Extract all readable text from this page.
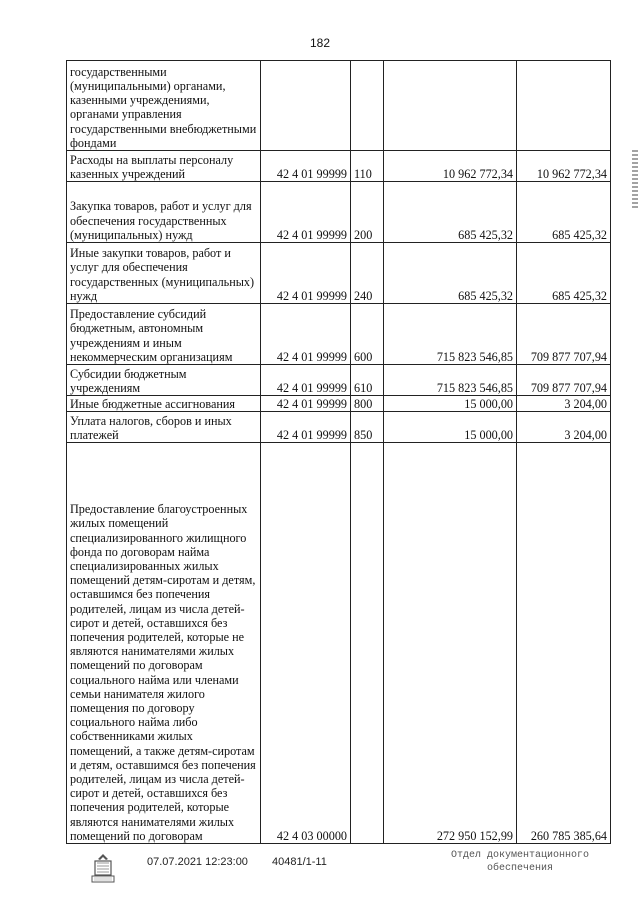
182
государственными (муниципальными) органами, казенными учреждениями, органами управления государственными внебюджетными фондами				
Расходы на выплаты персоналу казенных учреждений	42 4 01 99999	110	10 962 772,34	10 962 772,34
Закупка товаров, работ и услуг для обеспечения государственных (муниципальных) нужд	42 4 01 99999	200	685 425,32	685 425,32
Иные закупки товаров, работ и услуг для обеспечения государственных (муниципальных) нужд	42 4 01 99999	240	685 425,32	685 425,32
Предоставление субсидий бюджетным, автономным учреждениям и иным некоммерческим организациям	42 4 01 99999	600	715 823 546,85	709 877 707,94
Субсидии бюджетным учреждениям	42 4 01 99999	610	715 823 546,85	709 877 707,94
Иные бюджетные ассигнования	42 4 01 99999	800	15 000,00	3 204,00
Уплата налогов, сборов и иных платежей	42 4 01 99999	850	15 000,00	3 204,00
Предоставление благоустроенных жилых помещений специализированного жилищного фонда по договорам найма специализированных жилых помещений детям-сиротам и детям, оставшимся без попечения родителей, лицам из числа детей-сирот и детей, оставшихся без попечения родителей, которые не являются нанимателями жилых помещений по договорам социального найма или членами семьи нанимателя жилого помещения по договору социального найма либо собственниками жилых помещений, а также детям-сиротам и детям, оставшимся без попечения родителей, лицам из числа детей-сирот и детей, оставшихся без попечения родителей, которые являются нанимателями жилых помещений по договорам	42 4 03 00000		272 950 152,99	260 785 385,64
07.07.2021 12:23:00 40481/1-11
Отдел документационного
обеспечения
